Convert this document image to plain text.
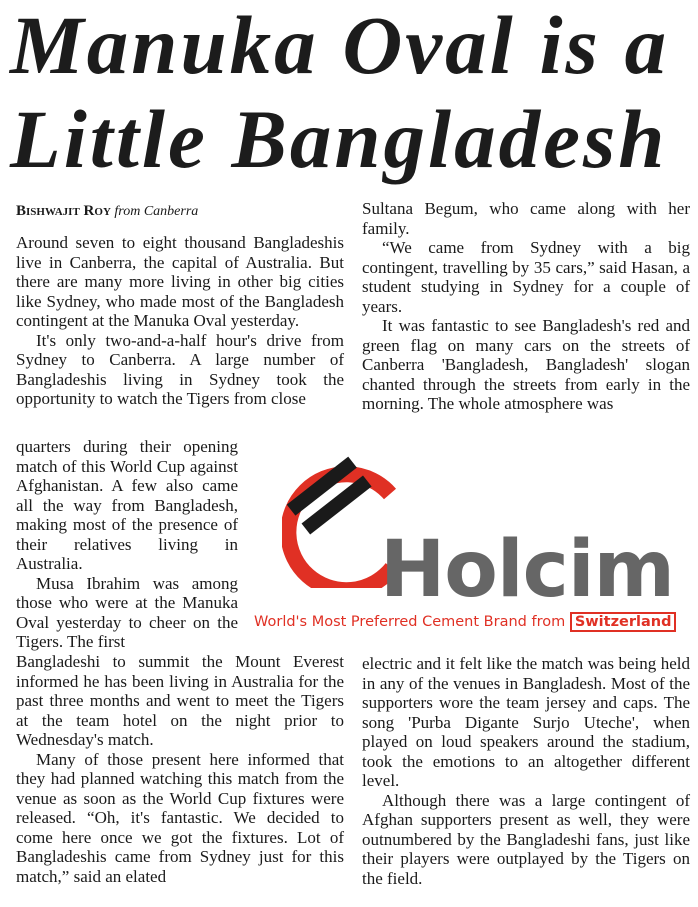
Manuka Oval is a
Little Bangladesh
Bishwajit Roy from Canberra

Around seven to eight thousand Bangladeshis live in Canberra, the capital of Australia. But there are many more living in other big cities like Sydney, who made most of the Bangladesh contingent at the Manuka Oval yesterday.

It's only two-and-a-half hour's drive from Sydney to Canberra. A large number of Bangladeshis living in Sydney took the opportunity to watch the Tigers from close

quarters during their opening match of this World Cup against Afghanistan. A few also came all the way from Bangladesh, making most of the presence of their relatives living in Australia.

Musa Ibrahim was among those who were at the Manuka Oval yesterday to cheer on the Tigers. The first

Bangladeshi to summit the Mount Everest informed he has been living in Australia for the past three months and went to meet the Tigers at the team hotel on the night prior to Wednesday's match.

Many of those present here informed that they had planned watching this match from the venue as soon as the World Cup fixtures were released. “Oh, it's fantastic. We decided to come here once we got the fixtures. Lot of Bangladeshis came from Sydney just for this match,” said an elated

Sultana Begum, who came along with her family.

“We came from Sydney with a big contingent, travelling by 35 cars,” said Hasan, a student studying in Sydney for a couple of years.

It was fantastic to see Bangladesh's red and green flag on many cars on the streets of Canberra 'Bangladesh, Bangladesh' slogan chanted through the streets from early in the morning. The whole atmosphere was

electric and it felt like the match was being held in any of the venues in Bangladesh. Most of the supporters wore the team jersey and caps. The song 'Purba Digante Surjo Uteche', when played on loud speakers around the stadium, took the emotions to an altogether different level.

Although there was a large contingent of Afghan supporters present as well, they were outnumbered by the Bangladeshi fans, just like their players were outplayed by the Tigers on the field.

Holcim
World's Most Preferred Cement Brand from Switzerland
